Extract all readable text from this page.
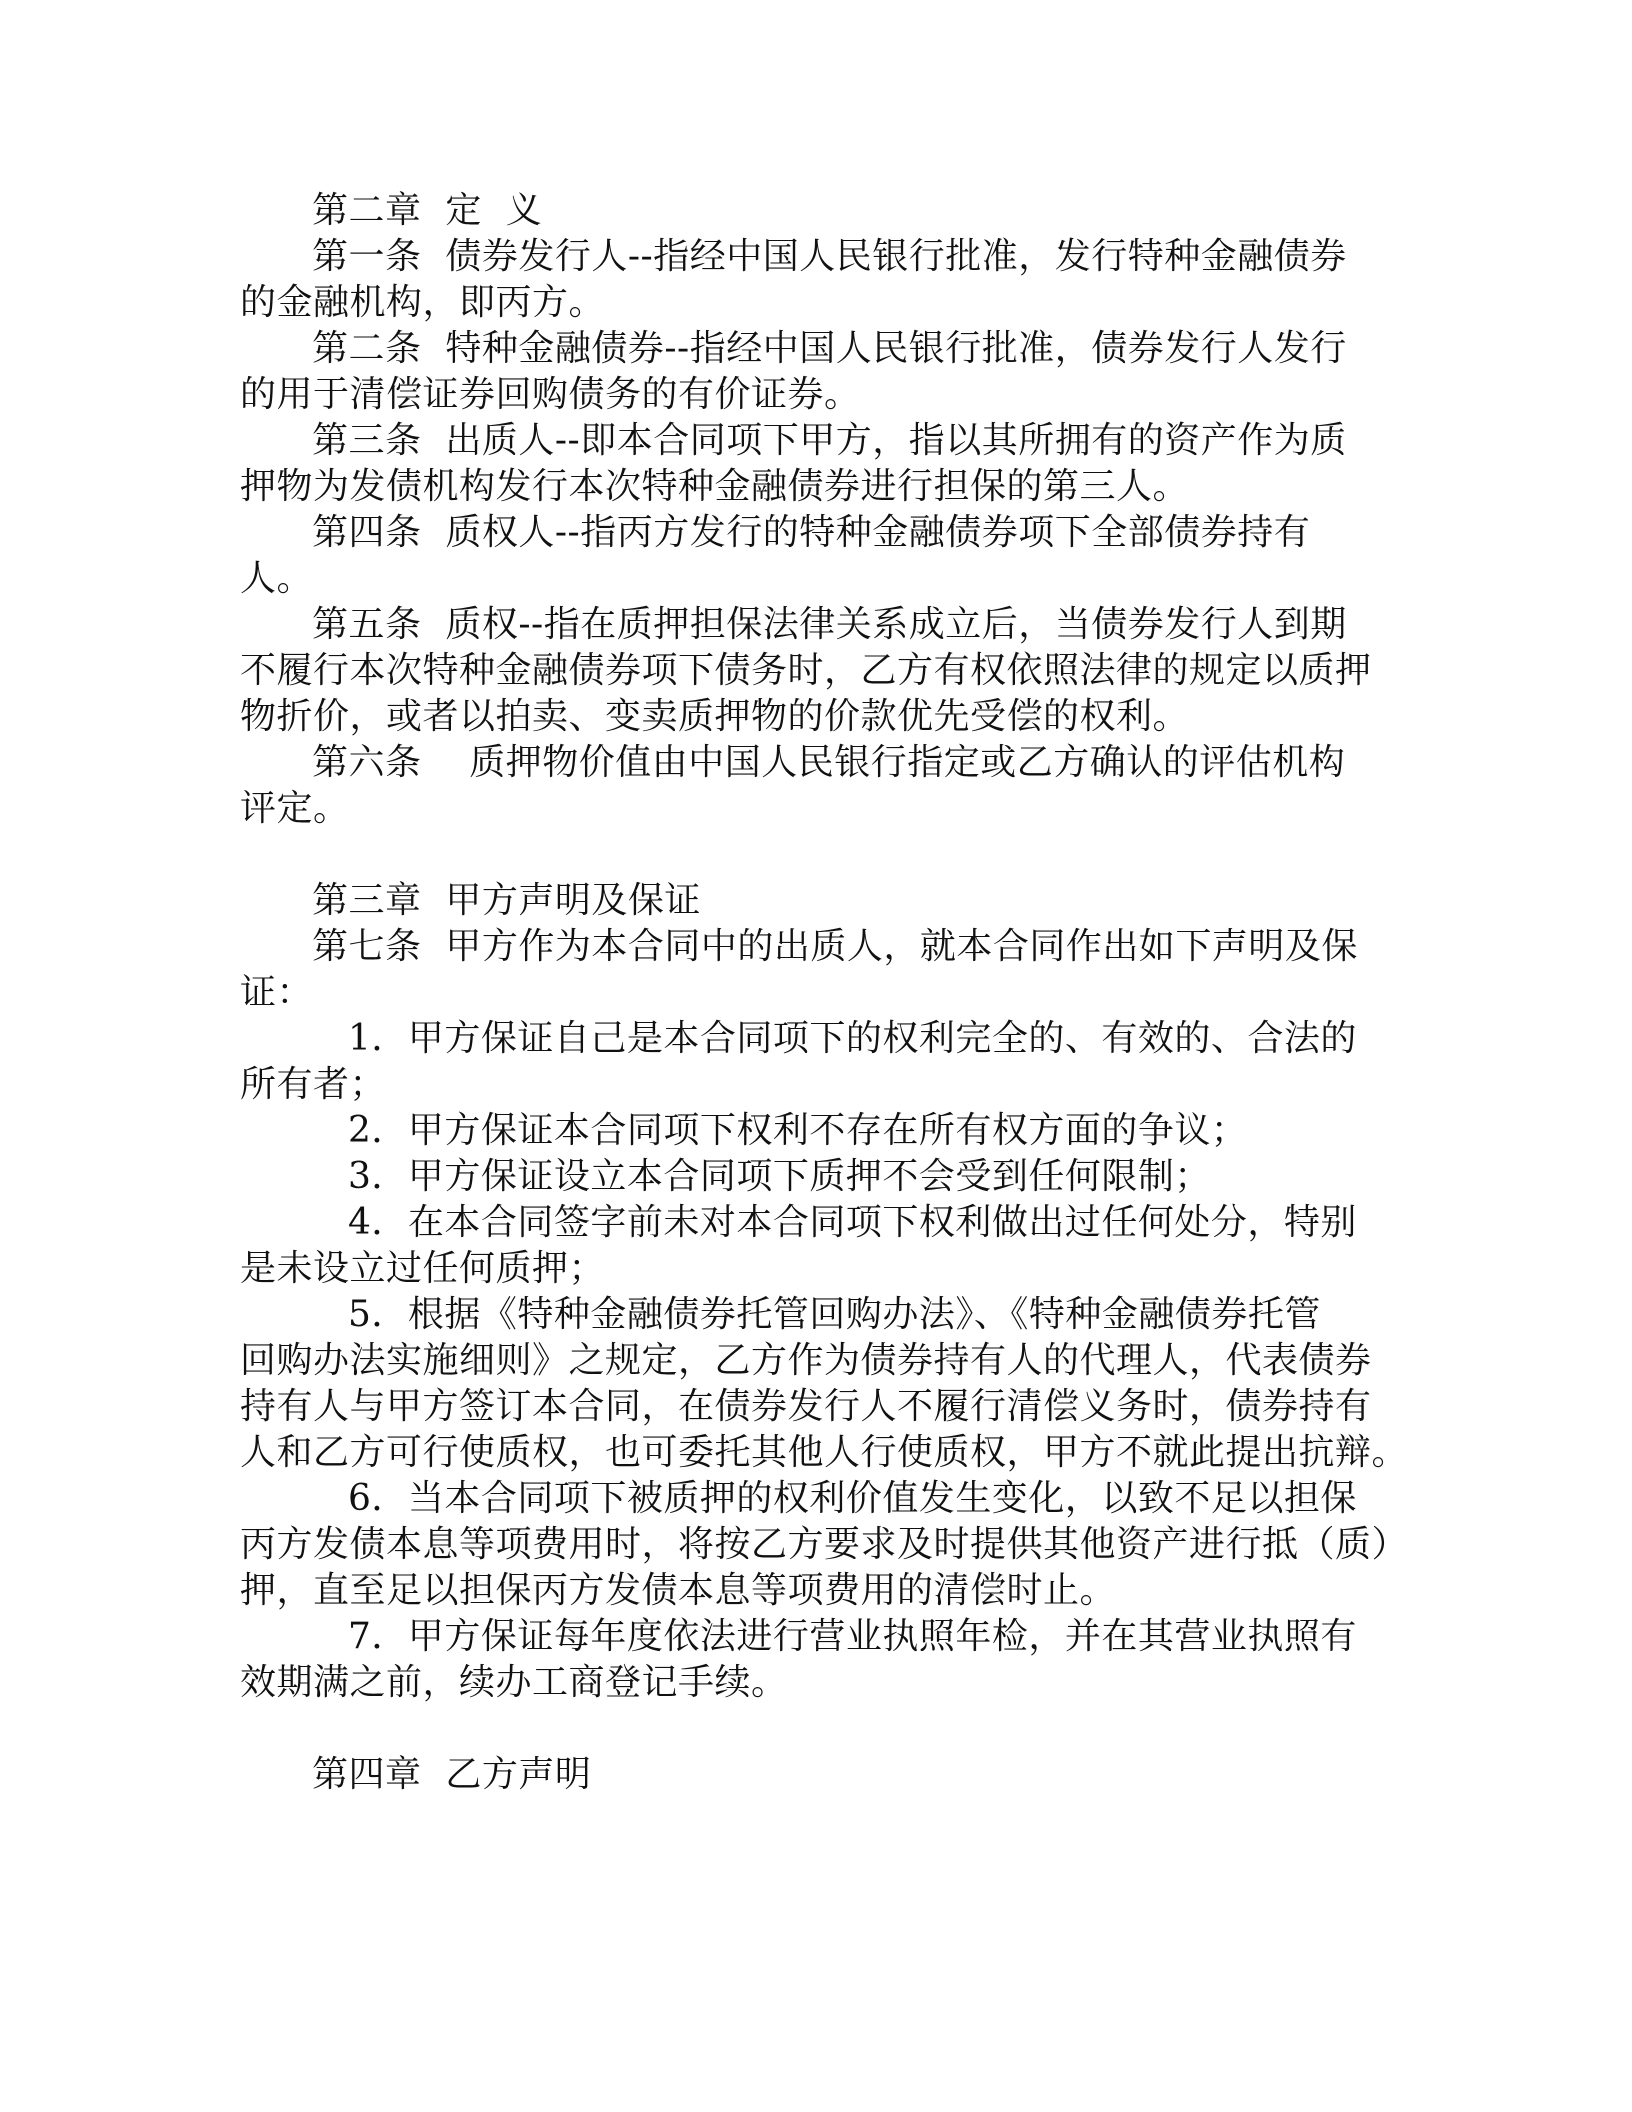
第二章  定  义
第一条  债券发行人--指经中国人民银行批准，发行特种金融债券
的金融机构，即丙方。
第二条  特种金融债券--指经中国人民银行批准，债券发行人发行
的用于清偿证券回购债务的有价证券。
第三条  出质人--即本合同项下甲方，指以其所拥有的资产作为质
押物为发债机构发行本次特种金融债券进行担保的第三人。
第四条  质权人--指丙方发行的特种金融债券项下全部债券持有
人。
第五条  质权--指在质押担保法律关系成立后，当债券发行人到期
不履行本次特种金融债券项下债务时，乙方有权依照法律的规定以质押
物折价，或者以拍卖、变卖质押物的价款优先受偿的权利。
第六条    质押物价值由中国人民银行指定或乙方确认的评估机构
评定。
第三章  甲方声明及保证
第七条  甲方作为本合同中的出质人，就本合同作出如下声明及保
证：
1．甲方保证自己是本合同项下的权利完全的、有效的、合法的
所有者；
2．甲方保证本合同项下权利不存在所有权方面的争议；
3．甲方保证设立本合同项下质押不会受到任何限制；
4．在本合同签字前未对本合同项下权利做出过任何处分，特别
是未设立过任何质押；
5．根据《特种金融债券托管回购办法》、《特种金融债券托管
回购办法实施细则》之规定，乙方作为债券持有人的代理人，代表债券
持有人与甲方签订本合同，在债券发行人不履行清偿义务时，债券持有
人和乙方可行使质权，也可委托其他人行使质权，甲方不就此提出抗辩。
6．当本合同项下被质押的权利价值发生变化，以致不足以担保
丙方发债本息等项费用时，将按乙方要求及时提供其他资产进行抵（质）
押，直至足以担保丙方发债本息等项费用的清偿时止。
7．甲方保证每年度依法进行营业执照年检，并在其营业执照有
效期满之前，续办工商登记手续。
第四章  乙方声明
